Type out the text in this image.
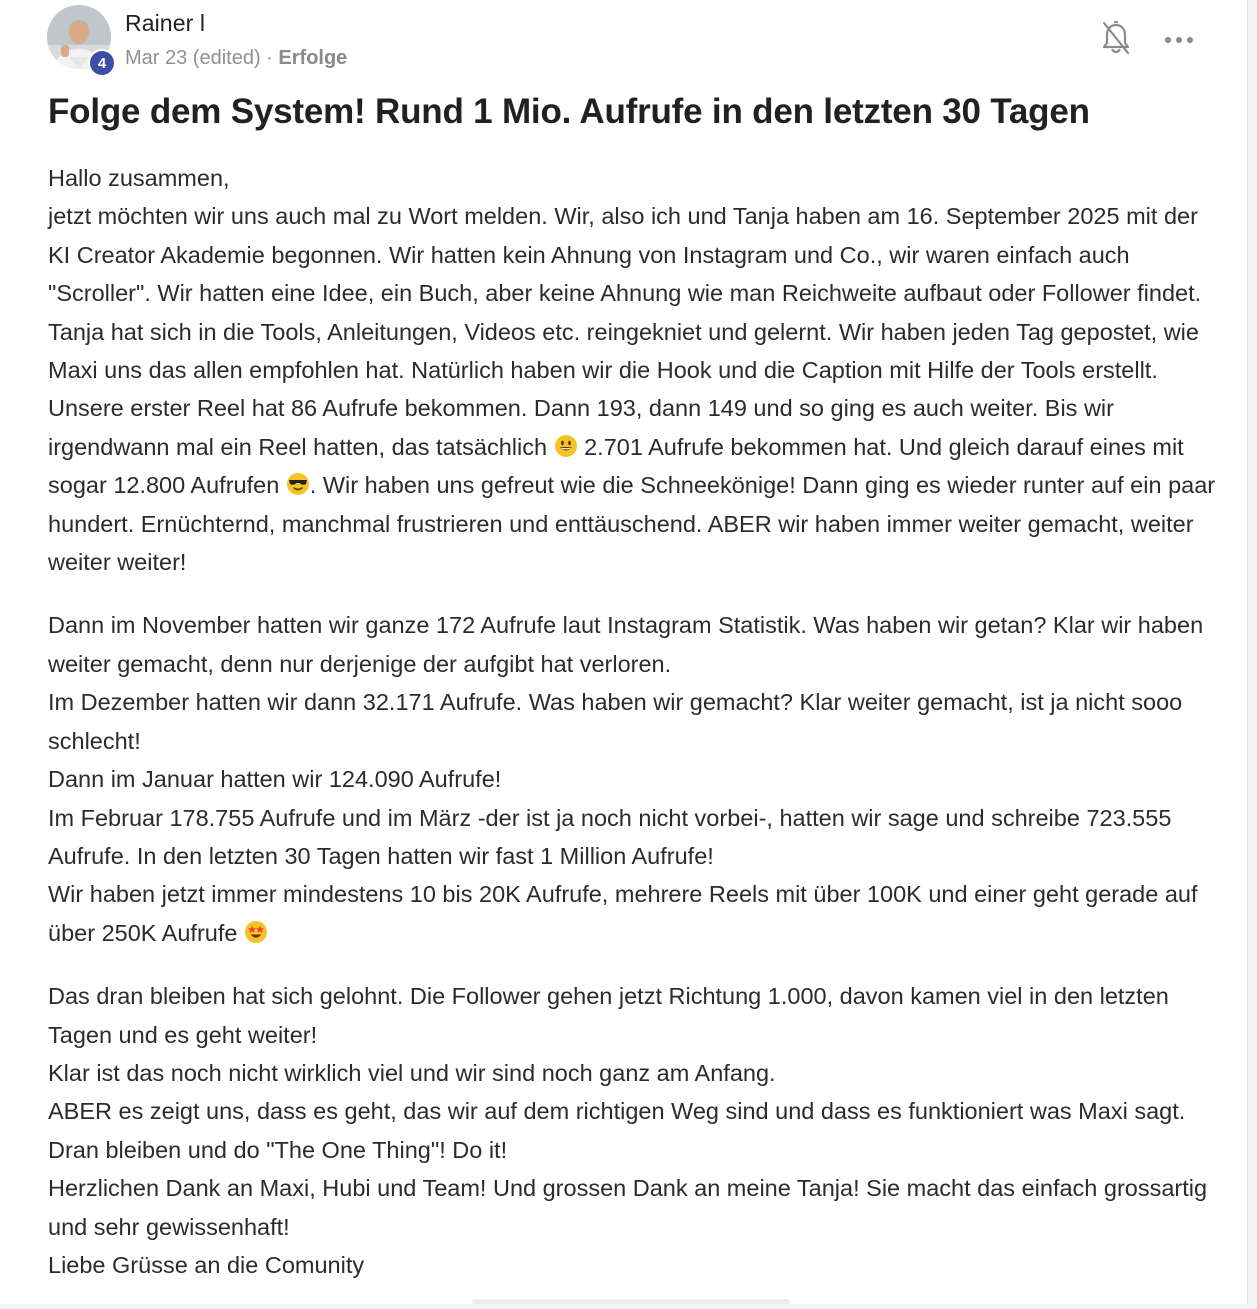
4
Rainer l
Mar 23 (edited) · Erfolge
Folge dem System! Rund 1 Mio. Aufrufe in den letzten 30 Tagen

Hallo zusammen,
jetzt möchten wir uns auch mal zu Wort melden. Wir, also ich und Tanja haben am 16. September 2025 mit der KI Creator Akademie begonnen. Wir hatten kein Ahnung von Instagram und Co., wir waren einfach auch "Scroller". Wir hatten eine Idee, ein Buch, aber keine Ahnung wie man Reichweite aufbaut oder Follower findet. Tanja hat sich in die Tools, Anleitungen, Videos etc. reingekniet und gelernt. Wir haben jeden Tag gepostet, wie Maxi uns das allen empfohlen hat. Natürlich haben wir die Hook und die Caption mit Hilfe der Tools erstellt. Unsere erster Reel hat 86 Aufrufe bekommen. Dann 193, dann 149 und so ging es auch weiter. Bis wir irgendwann mal ein Reel hatten, das tatsächlich 2.701 Aufrufe bekommen hat. Und gleich darauf eines mit sogar 12.800 Aufrufen . Wir haben uns gefreut wie die Schneekönige! Dann ging es wieder runter auf ein paar hundert. Ernüchternd, manchmal frustrieren und enttäuschend. ABER wir haben immer weiter gemacht, weiter weiter weiter!

Dann im November hatten wir ganze 172 Aufrufe laut Instagram Statistik. Was haben wir getan? Klar wir haben weiter gemacht, denn nur derjenige der aufgibt hat verloren.
Im Dezember hatten wir dann 32.171 Aufrufe. Was haben wir gemacht? Klar weiter gemacht, ist ja nicht sooo schlecht!
Dann im Januar hatten wir 124.090 Aufrufe!
Im Februar 178.755 Aufrufe und im März -der ist ja noch nicht vorbei-, hatten wir sage und schreibe 723.555 Aufrufe. In den letzten 30 Tagen hatten wir fast 1 Million Aufrufe!
Wir haben jetzt immer mindestens 10 bis 20K Aufrufe, mehrere Reels mit über 100K und einer geht gerade auf über 250K Aufrufe

Das dran bleiben hat sich gelohnt. Die Follower gehen jetzt Richtung 1.000, davon kamen viel in den letzten Tagen und es geht weiter!
Klar ist das noch nicht wirklich viel und wir sind noch ganz am Anfang.
ABER es zeigt uns, dass es geht, das wir auf dem richtigen Weg sind und dass es funktioniert was Maxi sagt. Dran bleiben und do "The One Thing"! Do it!
Herzlichen Dank an Maxi, Hubi und Team! Und grossen Dank an meine Tanja! Sie macht das einfach grossartig und sehr gewissenhaft!
Liebe Grüsse an die Comunity
